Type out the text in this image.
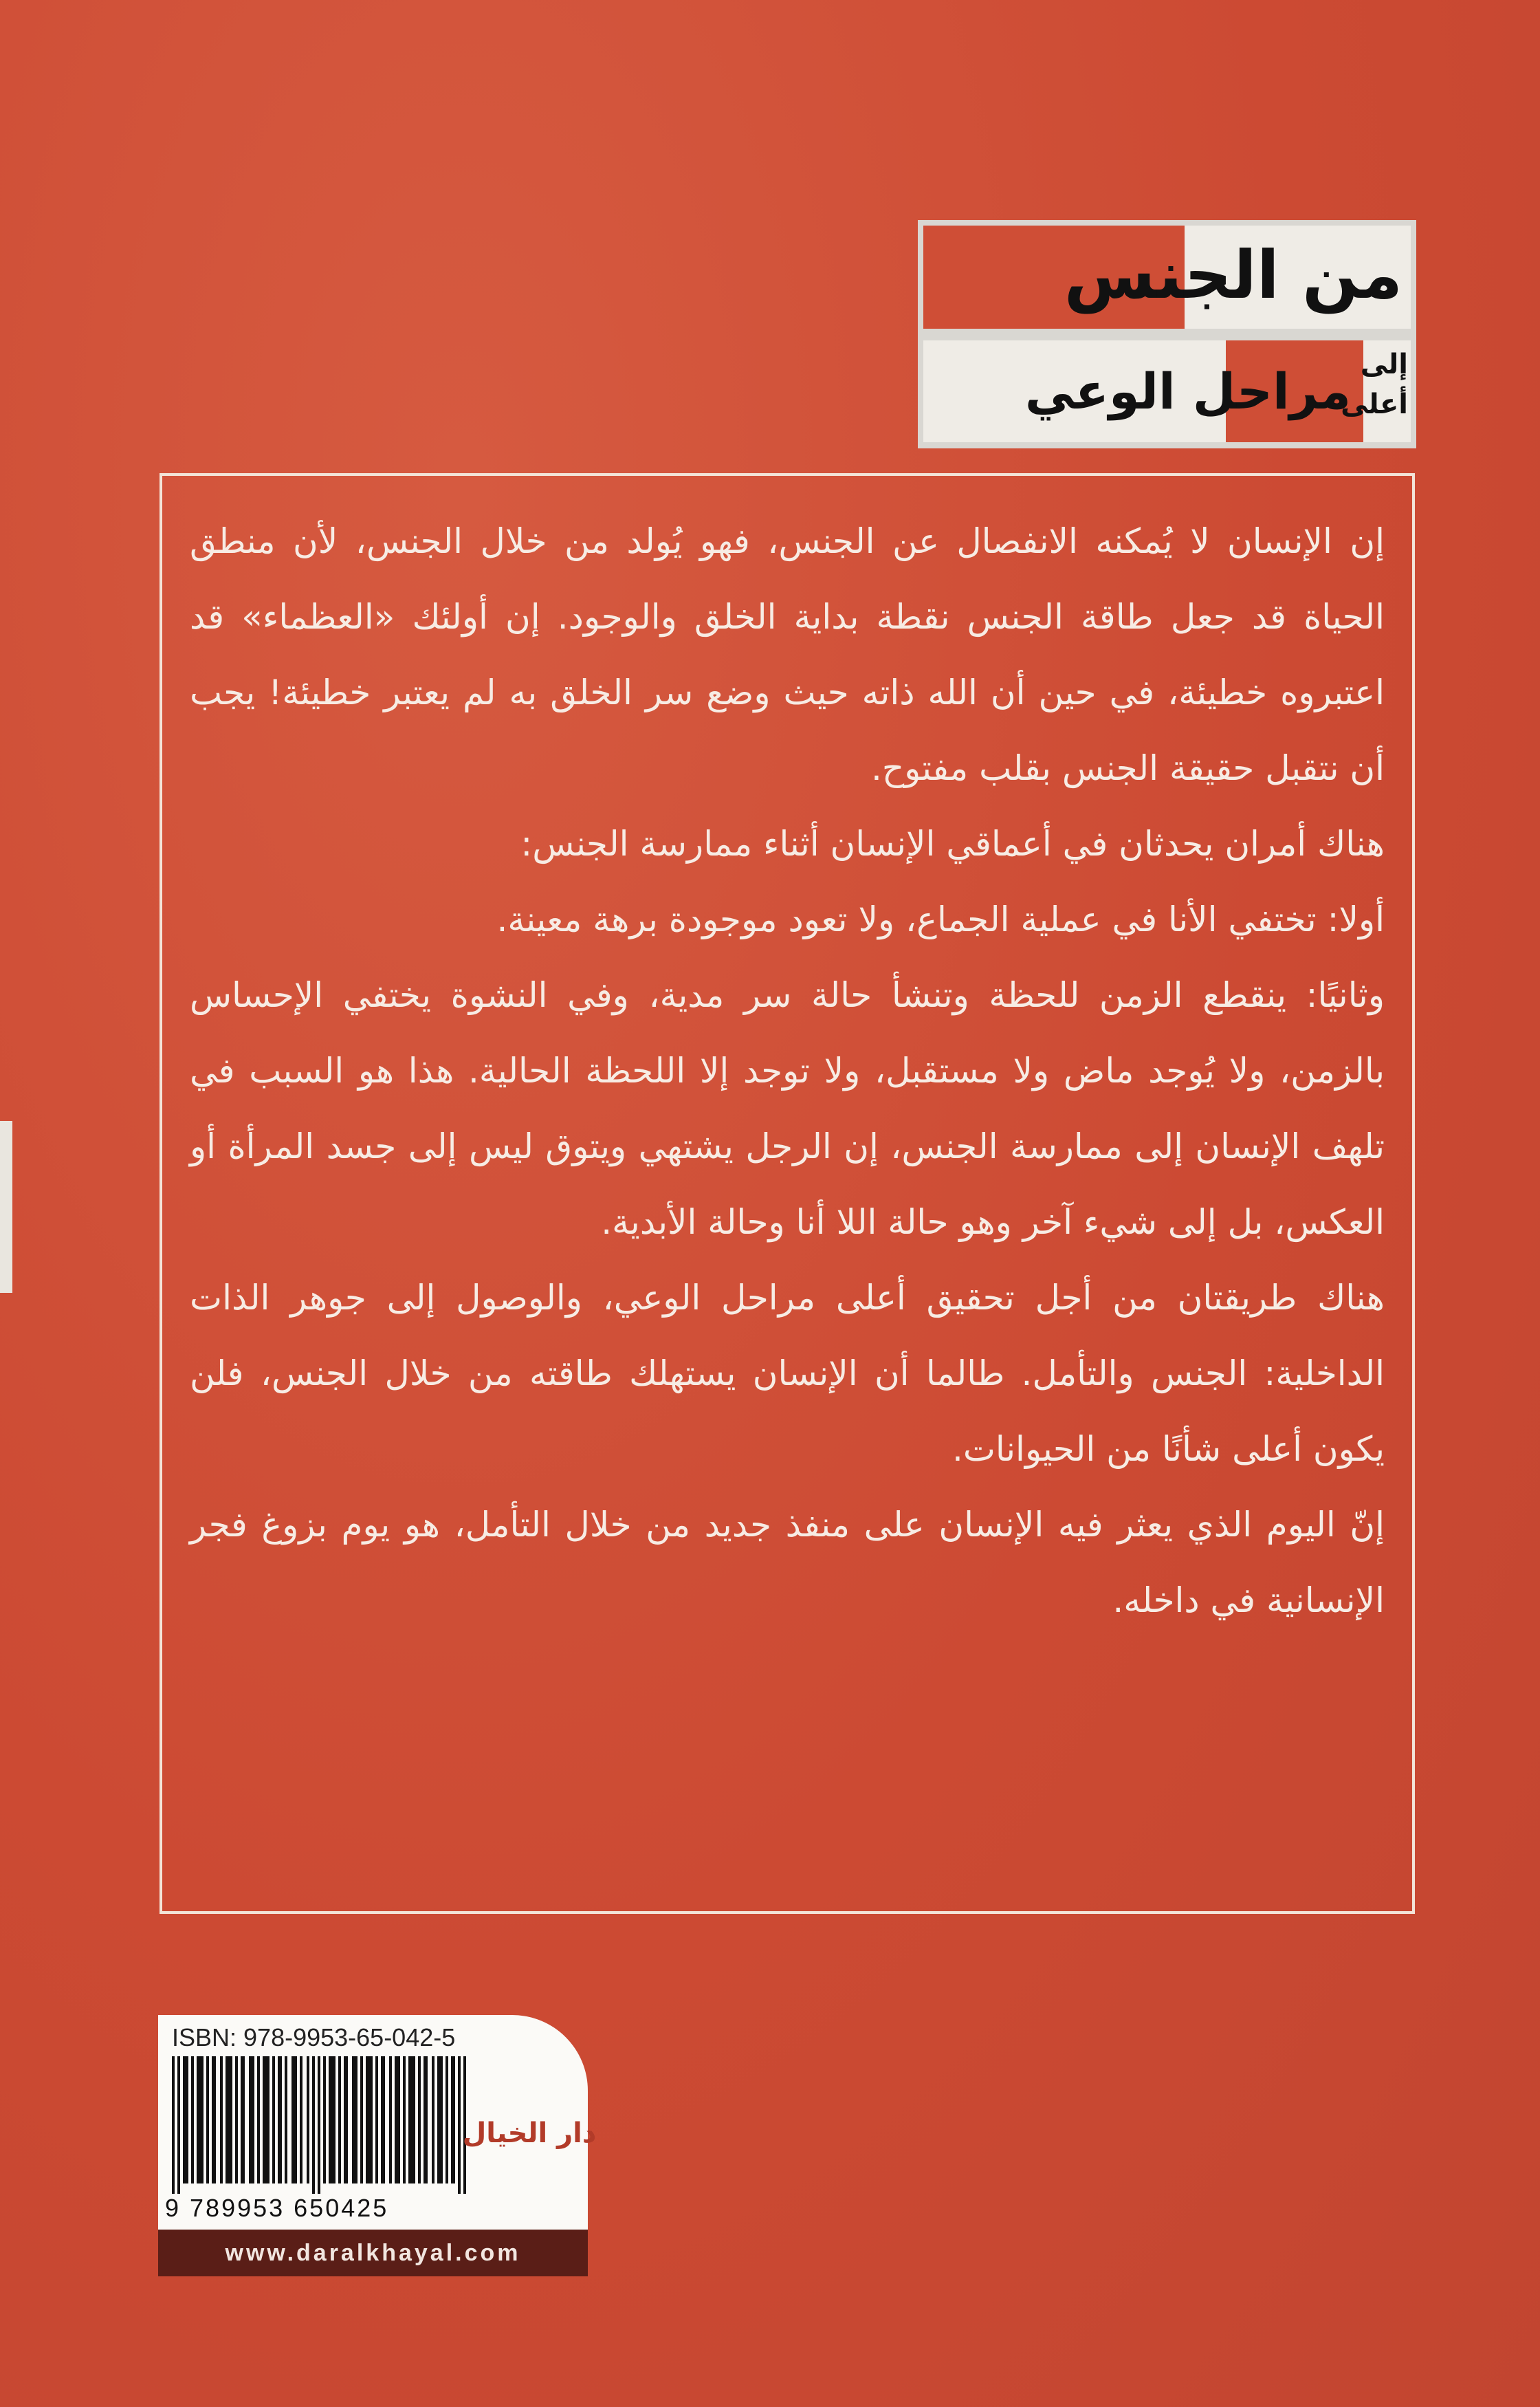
من الجنس
إلى
أعلى
مراحل الوعي

إن الإنسان لا يُمكنه الانفصال عن الجنس، فهو يُولد من خلال الجنس، لأن منطق الحياة قد جعل طاقة الجنس نقطة بداية الخلق والوجود. إن أولئك «العظماء» قد اعتبروه خطيئة، في حين أن الله ذاته حيث وضع سر الخلق به لم يعتبر خطيئة! يجب أن نتقبل حقيقة الجنس بقلب مفتوح.

هناك أمران يحدثان في أعماقي الإنسان أثناء ممارسة الجنس:

أولا: تختفي الأنا في عملية الجماع، ولا تعود موجودة برهة معينة.

وثانيًا: ينقطع الزمن للحظة وتنشأ حالة سر مدية، وفي النشوة يختفي الإحساس بالزمن، ولا يُوجد ماض ولا مستقبل، ولا توجد إلا اللحظة الحالية. هذا هو السبب في تلهف الإنسان إلى ممارسة الجنس، إن الرجل يشتهي ويتوق ليس إلى جسد المرأة أو العكس، بل إلى شيء آخر وهو حالة اللا أنا وحالة الأبدية.

هناك طريقتان من أجل تحقيق أعلى مراحل الوعي، والوصول إلى جوهر الذات الداخلية: الجنس والتأمل. طالما أن الإنسان يستهلك طاقته من خلال الجنس، فلن يكون أعلى شأنًا من الحيوانات.

إنّ اليوم الذي يعثر فيه الإنسان على منفذ جديد من خلال التأمل، هو يوم بزوغ فجر الإنسانية في داخله.

ISBN: 978-9953-65-042-5
9 789953 650425
دار الخيال
www.daralkhayal.com
